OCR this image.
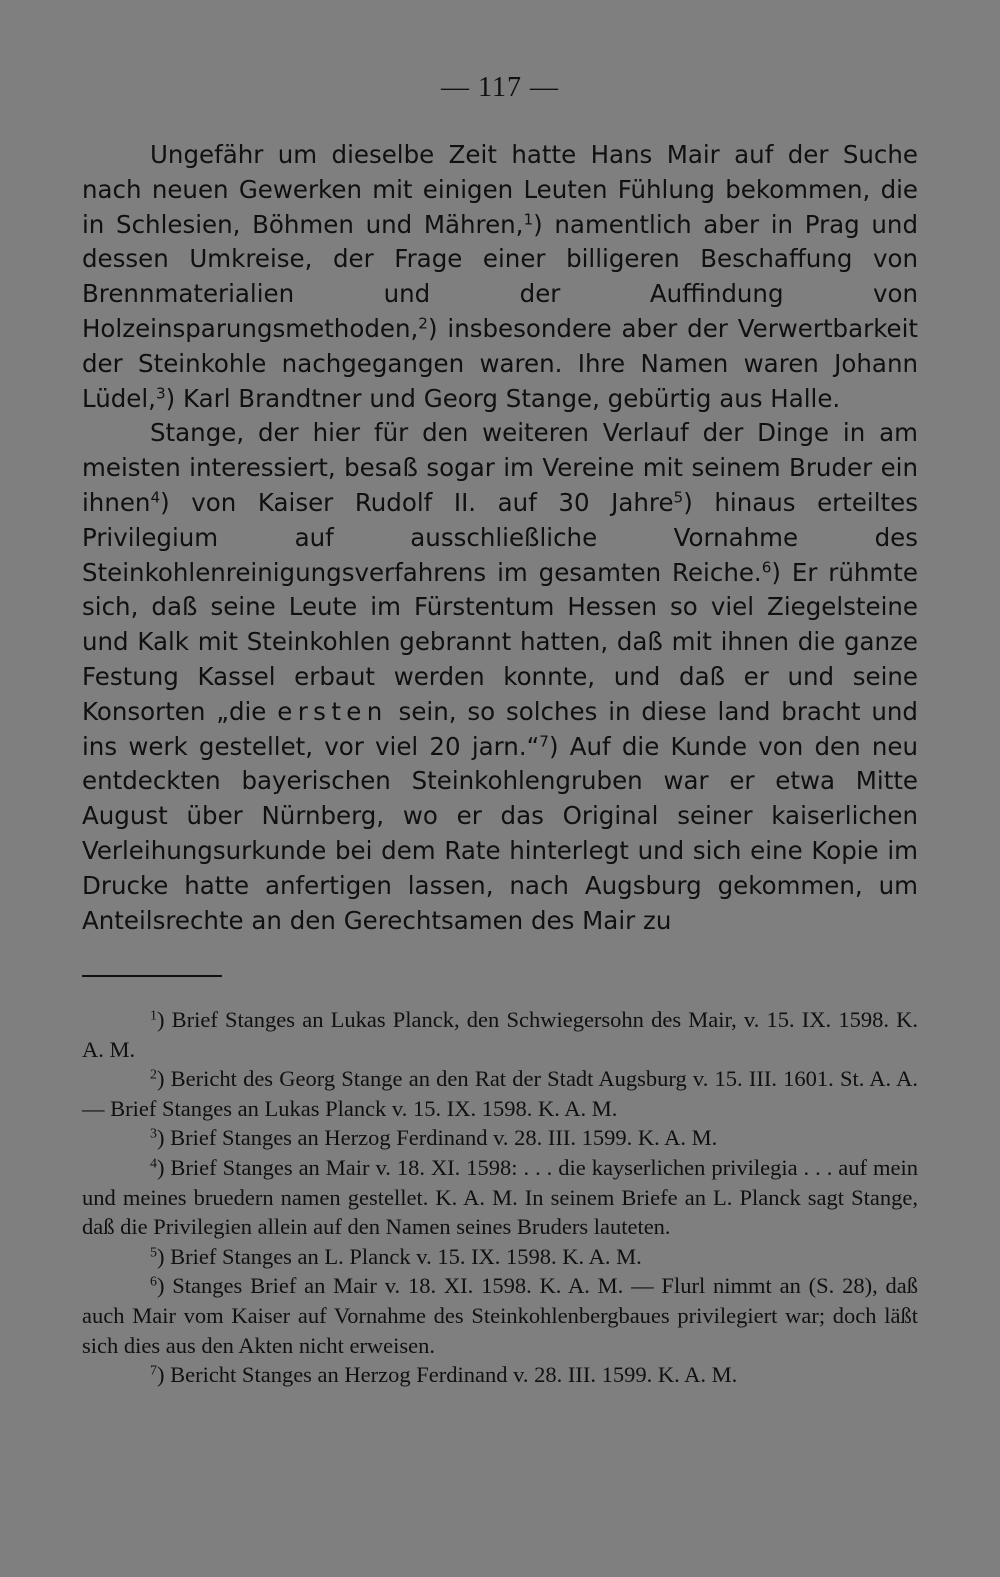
— 117 —

Ungefähr um dieselbe Zeit hatte Hans Mair auf der Suche nach neuen Gewerken mit einigen Leuten Fühlung bekommen, die in Schlesien, Böhmen und Mähren,$^1$) namentlich aber in Prag und dessen Umkreise, der Frage einer billigeren Beschaffung von Brennmaterialien und der Auffindung von Holzeinsparungsmethoden,$^2$) insbesondere aber der Verwertbarkeit der Steinkohle nachgegangen waren. Ihre Namen waren Johann Lüdel,$^3$) Karl Brandtner und Georg Stange, gebürtig aus Halle.

Stange, der hier für den weiteren Verlauf der Dinge in am meisten interessiert, besaß sogar im Vereine mit seinem Bruder ein ihnen$^4$) von Kaiser Rudolf II. auf 30 Jahre$^5$) hinaus erteiltes Privilegium auf ausschließliche Vornahme des Steinkohlenreinigungsverfahrens im gesamten Reiche.$^6$) Er rühmte sich, daß seine Leute im Fürstentum Hessen so viel Ziegelsteine und Kalk mit Steinkohlen gebrannt hatten, daß mit ihnen die ganze Festung Kassel erbaut werden konnte, und daß er und seine Konsorten „die ersten sein, so solches in diese land bracht und ins werk gestellet, vor viel 20 jarn.“$^7$) Auf die Kunde von den neu entdeckten bayerischen Steinkohlengruben war er etwa Mitte August über Nürnberg, wo er das Original seiner kaiserlichen Verleihungsurkunde bei dem Rate hinterlegt und sich eine Kopie im Drucke hatte anfertigen lassen, nach Augsburg gekommen, um Anteilsrechte an den Gerechtsamen des Mair zu

$^1$) Brief Stanges an Lukas Planck, den Schwiegersohn des Mair, v. 15. IX. 1598. K. A. M.

$^2$) Bericht des Georg Stange an den Rat der Stadt Augsburg v. 15. III. 1601. St. A. A. — Brief Stanges an Lukas Planck v. 15. IX. 1598. K. A. M.

$^3$) Brief Stanges an Herzog Ferdinand v. 28. III. 1599. K. A. M.

$^4$) Brief Stanges an Mair v. 18. XI. 1598: . . . die kayserlichen privilegia . . . auf mein und meines bruedern namen gestellet. K. A. M. In seinem Briefe an L. Planck sagt Stange, daß die Privilegien allein auf den Namen seines Bruders lauteten.

$^5$) Brief Stanges an L. Planck v. 15. IX. 1598. K. A. M.

$^6$) Stanges Brief an Mair v. 18. XI. 1598. K. A. M. — Flurl nimmt an (S. 28), daß auch Mair vom Kaiser auf Vornahme des Steinkohlenbergbaues privilegiert war; doch läßt sich dies aus den Akten nicht erweisen.

$^7$) Bericht Stanges an Herzog Ferdinand v. 28. III. 1599. K. A. M.
